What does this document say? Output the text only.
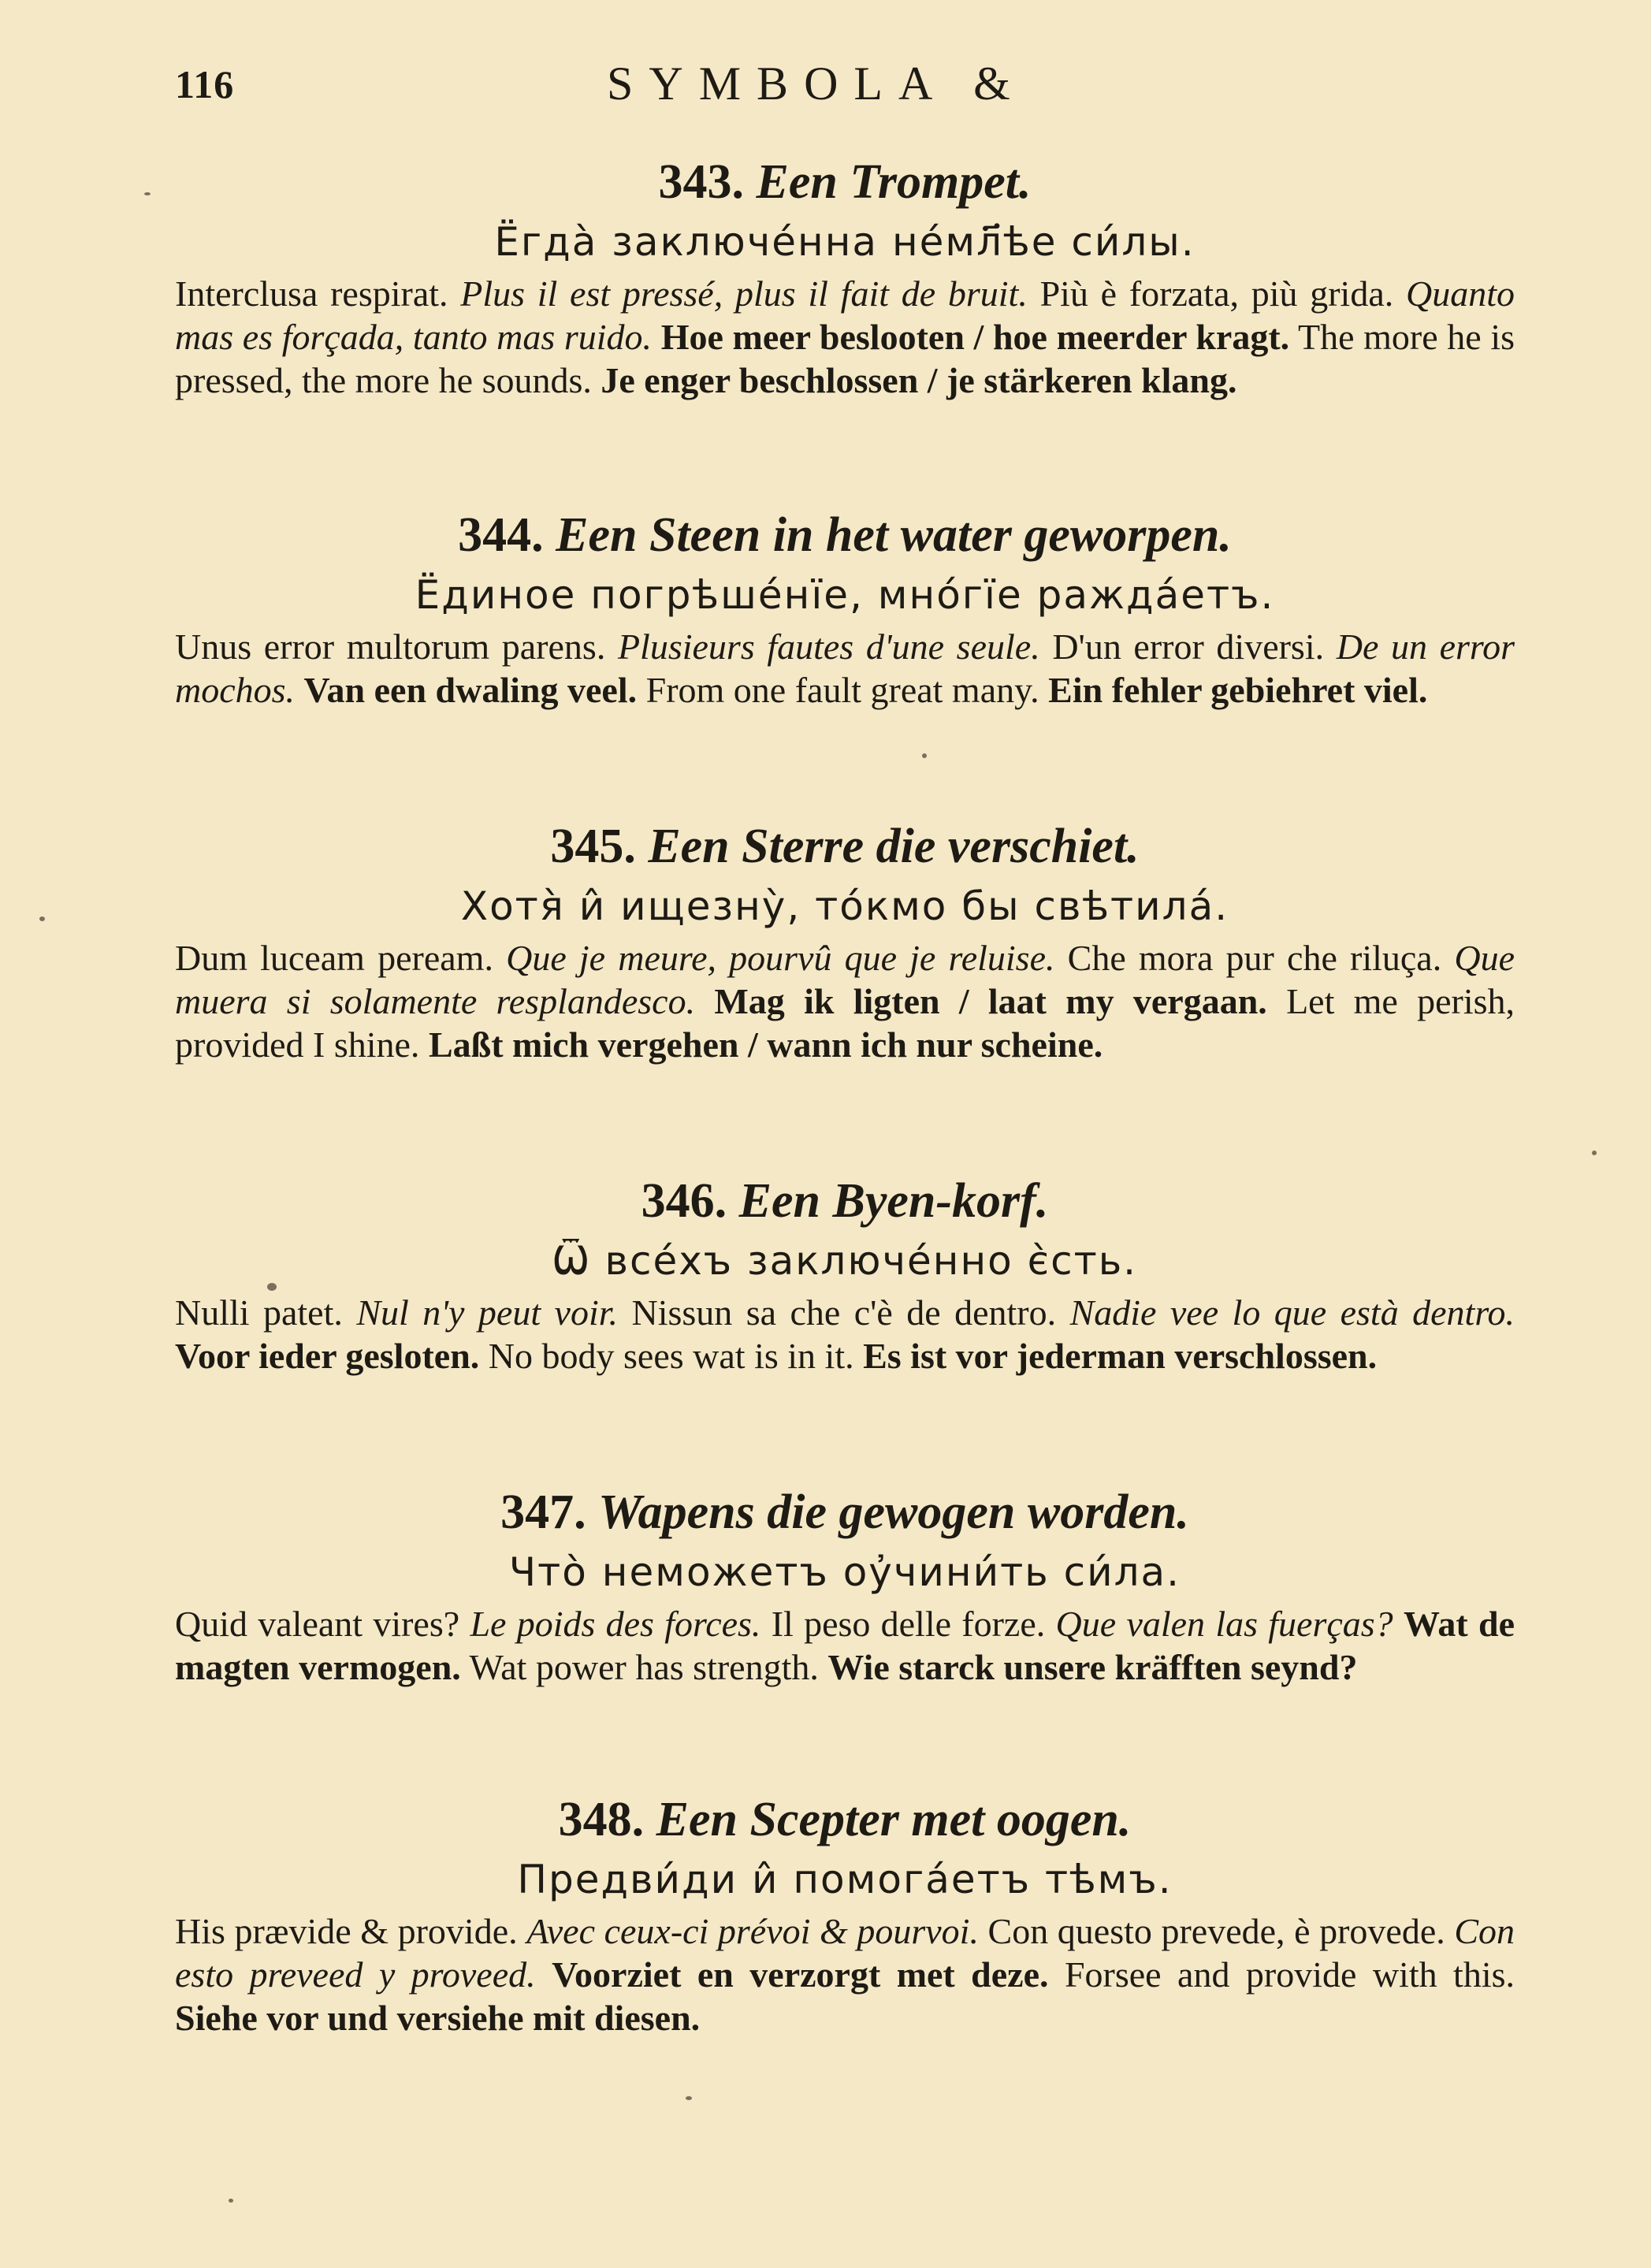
116	SYMBOLA &
343. Een Trompet.
Ёгда̀ заключе́нна не́мл҃ѣе си́лы.

Interclusa respirat. Plus il est pressé, plus il fait de bruit. Più è forzata, più grida. Quanto mas es forçada, tanto mas ruido. Hoe meer beslooten / hoe meerder kragt. The more he is pressed, the more he sounds. Je enger beschlossen / je stärkeren klang.

344. Een Steen in het water geworpen.
Ёдиное погрѣше́нїе, мно́гїе ражда́етъ.

Unus error multorum parens. Plusieurs fautes d'une seule. D'un error diversi. De un error mochos. Van een dwaling veel. From one fault great many. Ein fehler gebiehret viel.

345. Een Sterre die verschiet.
Хотя̀ и̂ ищезну̀, то́кмо бы свѣтила́.

Dum luceam peream. Que je meure, pourvû que je reluise. Che mora pur che riluça. Que muera si solamente resplandesco. Mag ik ligten / laat my vergaan. Let me perish, provided I shine. Laßt mich vergehen / wann ich nur scheine.

346. Een Byen-korf.
Ѿ все́хъ заключе́нно є̀сть.

Nulli patet. Nul n'y peut voir. Nissun sa che c'è de dentro. Nadie vee lo que està dentro. Voor ieder gesloten. No body sees wat is in it. Es ist vor jederman verschlossen.

347. Wapens die gewogen worden.
Что̀ неможетъ оу҆чини́ть си́ла.

Quid valeant vires? Le poids des forces. Il peso delle forze. Que valen las fuerças? Wat de magten vermogen. Wat power has strength. Wie starck unsere kräfften seynd?

348. Een Scepter met oogen.
Предви́ди и̂ помога́етъ тѣмъ.

His prævide & provide. Avec ceux-ci prévoi & pourvoi. Con questo prevede, è provede. Con esto preveed y proveed. Voorziet en verzorgt met deze. Forsee and provide with this. Siehe vor und versiehe mit diesen.
